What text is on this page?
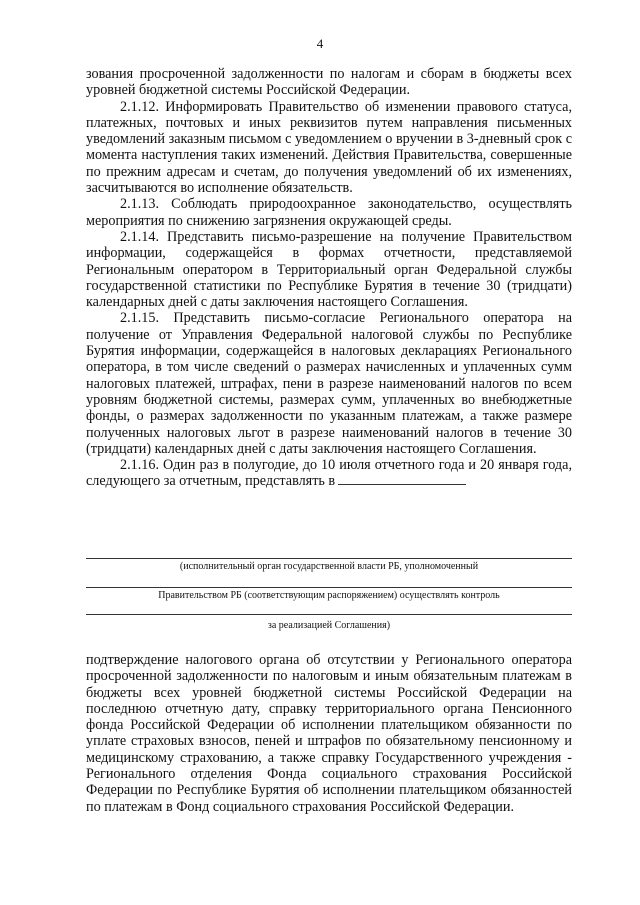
4

зования просроченной задолженности по налогам и сборам в бюджеты всех уровней бюджетной системы Российской Федерации.

2.1.12. Информировать Правительство об изменении правового статуса, платежных, почтовых и иных реквизитов путем направления письменных уведомлений заказным письмом с уведомлением о вручении в 3-дневный срок с момента наступления таких изменений. Действия Правительства, совершенные по прежним адресам и счетам, до получения уведомлений об их изменениях, засчитываются во исполнение обязательств.

2.1.13. Соблюдать природоохранное законодательство, осуществлять мероприятия по снижению загрязнения окружающей среды.

2.1.14. Представить письмо-разрешение на получение Правительством информации, содержащейся в формах отчетности, представляемой Региональным оператором в Территориальный орган Федеральной службы государственной статистики по Республике Бурятия в течение 30 (тридцати) календарных дней с даты заключения настоящего Соглашения.

2.1.15. Представить письмо-согласие Регионального оператора на получение от Управления Федеральной налоговой службы по Республике Бурятия информации, содержащейся в налоговых декларациях Регионального оператора, в том числе сведений о размерах начисленных и уплаченных сумм налоговых платежей, штрафах, пени в разрезе наименований налогов по всем уровням бюджетной системы, размерах сумм, уплаченных во внебюджетные фонды, о размерах задолженности по указанным платежам, а также размере полученных налоговых льгот в разрезе наименований налогов в течение 30 (тридцати) календарных дней с даты заключения настоящего Соглашения.

2.1.16. Один раз в полугодие, до 10 июля отчетного года и 20 января года, следующего за отчетным, представлять в

(исполнительный орган государственной власти РБ, уполномоченный
Правительством РБ (соответствующим распоряжением) осуществлять контроль
за реализацией Соглашения)

подтверждение налогового органа об отсутствии у Регионального оператора просроченной задолженности по налоговым и иным обязательным платежам в бюджеты всех уровней бюджетной системы Российской Федерации на последнюю отчетную дату, справку территориального органа Пенсионного фонда Российской Федерации об исполнении плательщиком обязанности по уплате страховых взносов, пеней и штрафов по обязательному пенсионному и медицинскому страхованию, а также справку Государственного учреждения - Регионального отделения Фонда социального страхования Российской Федерации по Республикe Бурятия об исполнении плательщиком обязанностей по платежам в Фонд социального страхования Российской Федерации.
